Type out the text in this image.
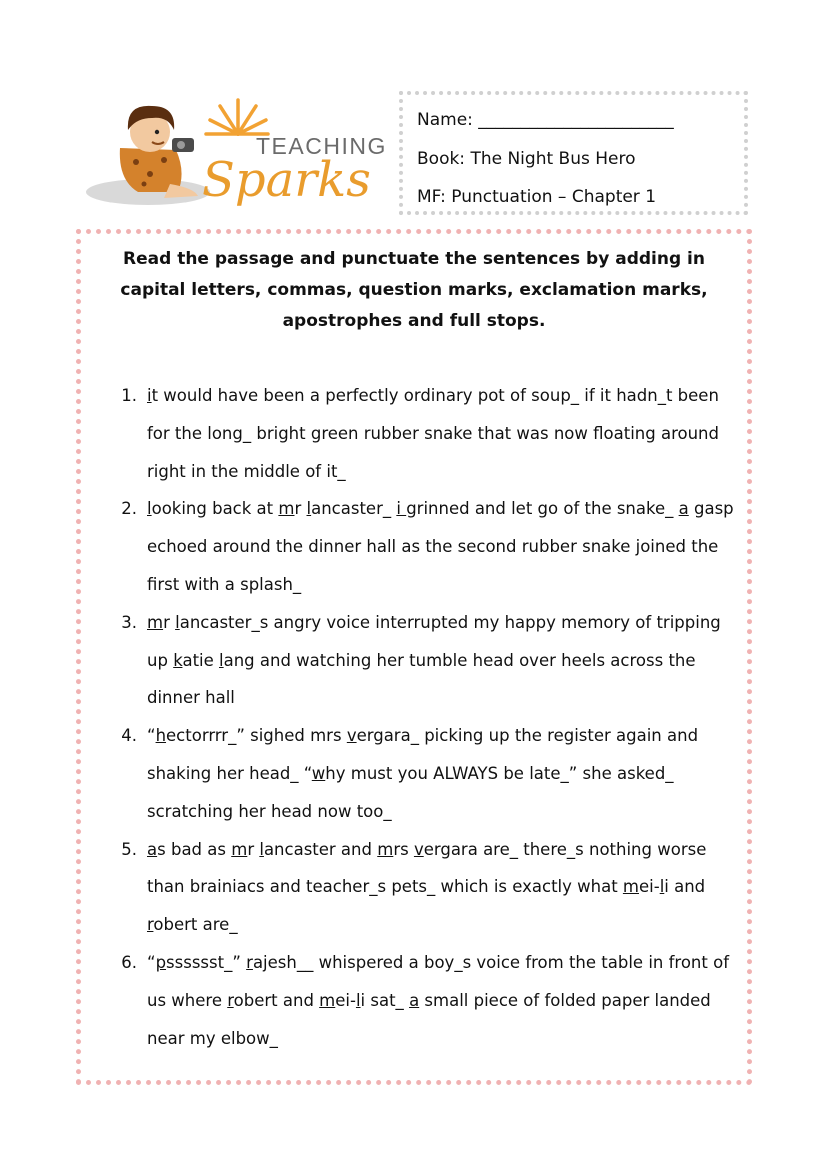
TEACHING
Sparks
Name: _______________________
Book: The Night Bus Hero
MF: Punctuation – Chapter 1
Read the passage and punctuate the sentences by adding in capital letters, commas, question marks, exclamation marks, apostrophes and full stops.
1. it would have been a perfectly ordinary pot of soup_ if it hadn_t been for the long_ bright green rubber snake that was now floating around right in the middle of it_
2. looking back at mr lancaster_ i grinned and let go of the snake_ a gasp echoed around the dinner hall as the second rubber snake joined the first with a splash_
3. mr lancaster_s angry voice interrupted my happy memory of tripping up katie lang and watching her tumble head over heels across the dinner hall
4. “hectorrrr_” sighed mrs vergara_ picking up the register again and shaking her head_ “why must you ALWAYS be late_” she asked_ scratching her head now too_
5. as bad as mr lancaster and mrs vergara are_ there_s nothing worse than brainiacs and teacher_s pets_ which is exactly what mei-li and robert are_
6. “psssssst_” rajesh__ whispered a boy_s voice from the table in front of us where robert and mei-li sat_ a small piece of folded paper landed near my elbow_
